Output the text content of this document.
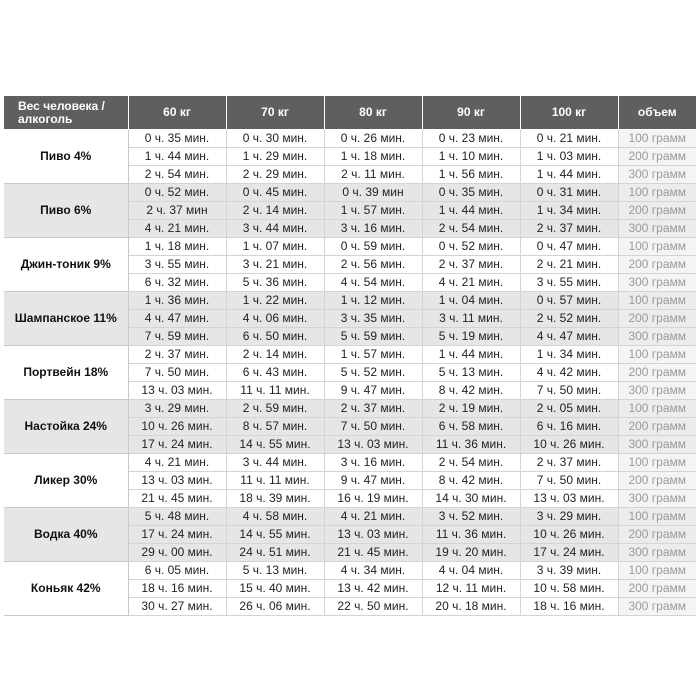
Вес человека /
алкоголь	60 кг	70 кг	80 кг	90 кг	100 кг	объем
Пиво 4%	0 ч. 35 мин.	0 ч. 30 мин.	0 ч. 26 мин.	0 ч. 23 мин.	0 ч. 21 мин.	100 грамм
	1 ч. 44 мин.	1 ч. 29 мин.	1 ч. 18 мин.	1 ч. 10 мин.	1 ч. 03 мин.	200 грамм
	2 ч. 54 мин.	2 ч. 29 мин.	2 ч. 11 мин.	1 ч. 56 мин.	1 ч. 44 мин.	300 грамм
Пиво 6%	0 ч. 52 мин.	0 ч. 45 мин.	0 ч. 39 мин	0 ч. 35 мин.	0 ч. 31 мин.	100 грамм
	2 ч. 37 мин	2 ч. 14 мин.	1 ч. 57 мин.	1 ч. 44 мин.	1 ч. 34 мин.	200 грамм
	4 ч. 21 мин.	3 ч. 44 мин.	3 ч. 16 мин.	2 ч. 54 мин.	2 ч. 37 мин.	300 грамм
Джин-тоник 9%	1 ч. 18 мин.	1 ч. 07 мин.	0 ч. 59 мин.	0 ч. 52 мин.	0 ч. 47 мин.	100 грамм
	3 ч. 55 мин.	3 ч. 21 мин.	2 ч. 56 мин.	2 ч. 37 мин.	2 ч. 21 мин.	200 грамм
	6 ч. 32 мин.	5 ч. 36 мин.	4 ч. 54 мин.	4 ч. 21 мин.	3 ч. 55 мин.	300 грамм
Шампанское 11%	1 ч. 36 мин.	1 ч. 22 мин.	1 ч. 12 мин.	1 ч. 04 мин.	0 ч. 57 мин.	100 грамм
	4 ч. 47 мин.	4 ч. 06 мин.	3 ч. 35 мин.	3 ч. 11 мин.	2 ч. 52 мин.	200 грамм
	7 ч. 59 мин.	6 ч. 50 мин.	5 ч. 59 мин.	5 ч. 19 мин.	4 ч. 47 мин.	300 грамм
Портвейн 18%	2 ч. 37 мин.	2 ч. 14 мин.	1 ч. 57 мин.	1 ч. 44 мин.	1 ч. 34 мин.	100 грамм
	7 ч. 50 мин.	6 ч. 43 мин.	5 ч. 52 мин.	5 ч. 13 мин.	4 ч. 42 мин.	200 грамм
	13 ч. 03 мин.	11 ч. 11 мин.	9 ч. 47 мин.	8 ч. 42 мин.	7 ч. 50 мин.	300 грамм
Настойка 24%	3 ч. 29 мин.	2 ч. 59 мин.	2 ч. 37 мин.	2 ч. 19 мин.	2 ч. 05 мин.	100 грамм
	10 ч. 26 мин.	8 ч. 57 мин.	7 ч. 50 мин.	6 ч. 58 мин.	6 ч. 16 мин.	200 грамм
	17 ч. 24 мин.	14 ч. 55 мин.	13 ч. 03 мин.	11 ч. 36 мин.	10 ч. 26 мин.	300 грамм
Ликер 30%	4 ч. 21 мин.	3 ч. 44 мин.	3 ч. 16 мин.	2 ч. 54 мин.	2 ч. 37 мин.	100 грамм
	13 ч. 03 мин.	11 ч. 11 мин.	9 ч. 47 мин.	8 ч. 42 мин.	7 ч. 50 мин.	200 грамм
	21 ч. 45 мин.	18 ч. 39 мин.	16 ч. 19 мин.	14 ч. 30 мин.	13 ч. 03 мин.	300 грамм
Водка 40%	5 ч. 48 мин.	4 ч. 58 мин.	4 ч. 21 мин.	3 ч. 52 мин.	3 ч. 29 мин.	100 грамм
	17 ч. 24 мин.	14 ч. 55 мин.	13 ч. 03 мин.	11 ч. 36 мин.	10 ч. 26 мин.	200 грамм
	29 ч. 00 мин.	24 ч. 51 мин.	21 ч. 45 мин.	19 ч. 20 мин.	17 ч. 24 мин.	300 грамм
Коньяк 42%	6 ч. 05 мин.	5 ч. 13 мин.	4 ч. 34 мин.	4 ч. 04 мин.	3 ч. 39 мин.	100 грамм
	18 ч. 16 мин.	15 ч. 40 мин.	13 ч. 42 мин.	12 ч. 11 мин.	10 ч. 58 мин.	200 грамм
	30 ч. 27 мин.	26 ч. 06 мин.	22 ч. 50 мин.	20 ч. 18 мин.	18 ч. 16 мин.	300 грамм
